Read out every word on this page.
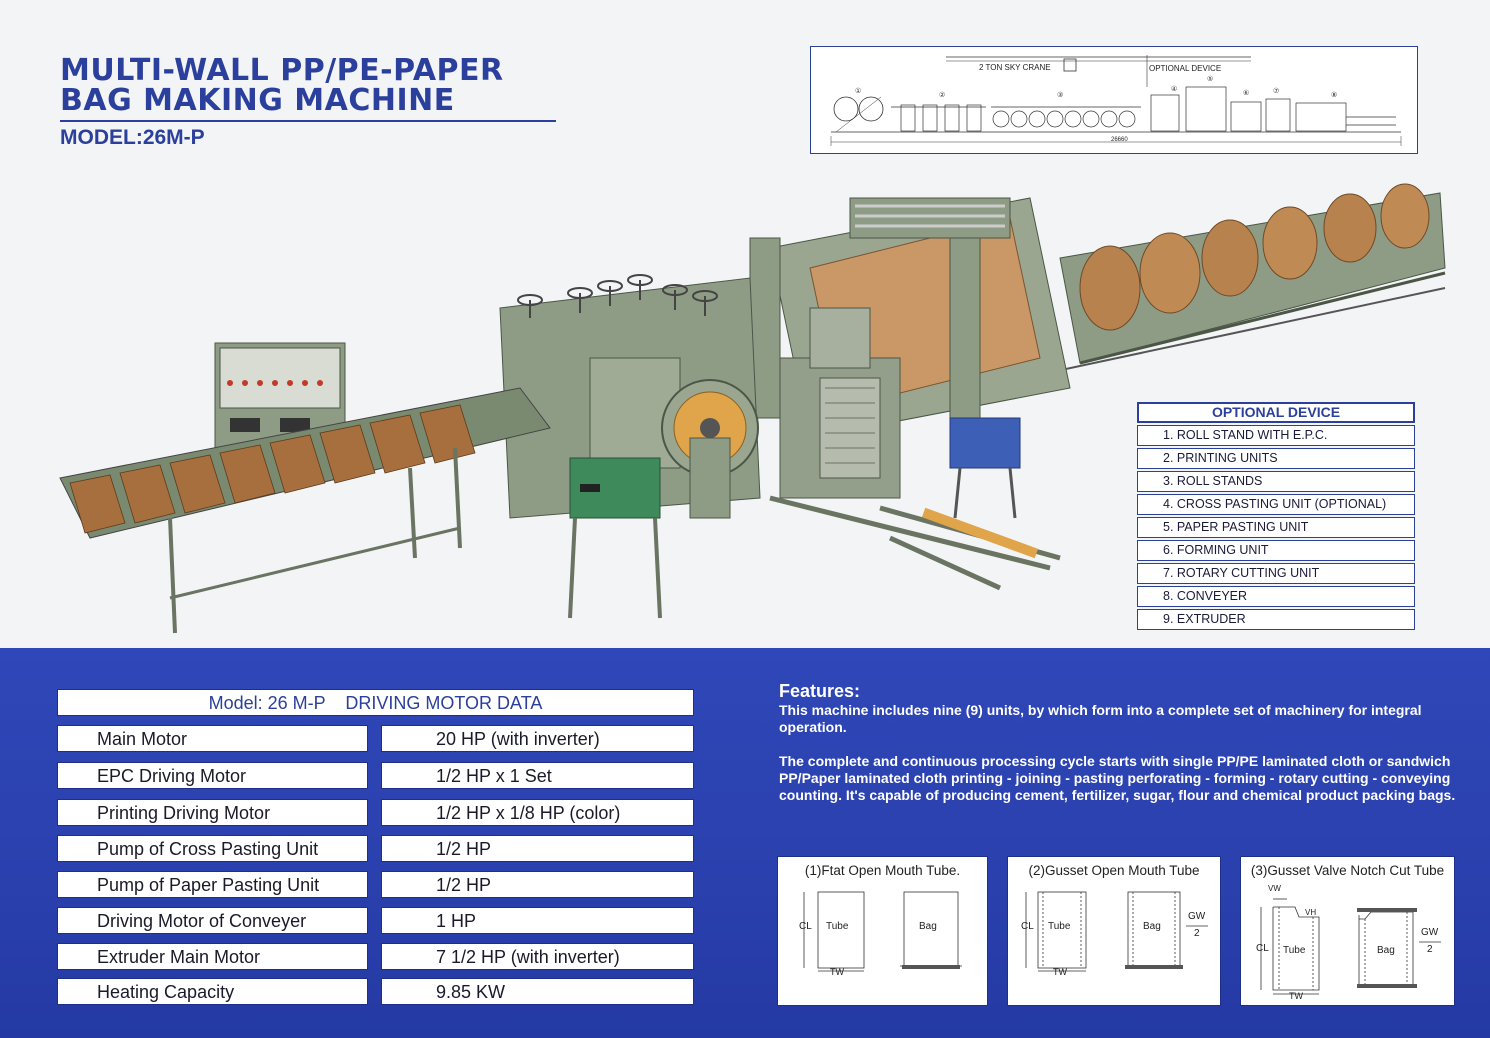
MULTI-WALL PP/PE-PAPER
BAG MAKING MACHINE
MODEL:26M-P
①	②	③
④
⑤
⑥	⑦	⑧
2 TON SKY CRANE	OPTIONAL DEVICE
26660
OPTIONAL DEVICE
1. ROLL STAND WITH E.P.C.
2. PRINTING UNITS
3. ROLL STANDS
4. CROSS PASTING UNIT (OPTIONAL)
5. PAPER PASTING UNIT
6. FORMING UNIT
7. ROTARY CUTTING UNIT
8. CONVEYER
9. EXTRUDER
Model: 26 M-P    DRIVING MOTOR DATA
Main Motor	20 HP (with inverter)
EPC Driving Motor	1/2 HP x 1 Set
Printing Driving Motor	1/2 HP x 1/8 HP (color)
Pump of Cross Pasting Unit	1/2 HP
Pump of Paper Pasting Unit	1/2 HP
Driving Motor of Conveyer	1 HP
Extruder Main Motor	7 1/2 HP (with inverter)
Heating Capacity	9.85 KW
Features:

This machine includes nine (9) units, by which form into a complete set of machinery for integral operation.

The complete and continuous processing cycle starts with single PP/PE laminated cloth or sandwich PP/Paper laminated cloth printing - joining - pasting perforating - forming - rotary cutting - conveying counting. It's capable of producing cement, fertilizer, sugar, flour and chemical product packing bags.

(1)Ftat Open Mouth Tube.
CL Tube
TW
Bag
(2)Gusset Open Mouth Tube
CL Tube
TW
Bag
GW
2
(3)Gusset Valve Notch Cut Tube
VW
VH
CL Tube
TW
Bag
GW
2
